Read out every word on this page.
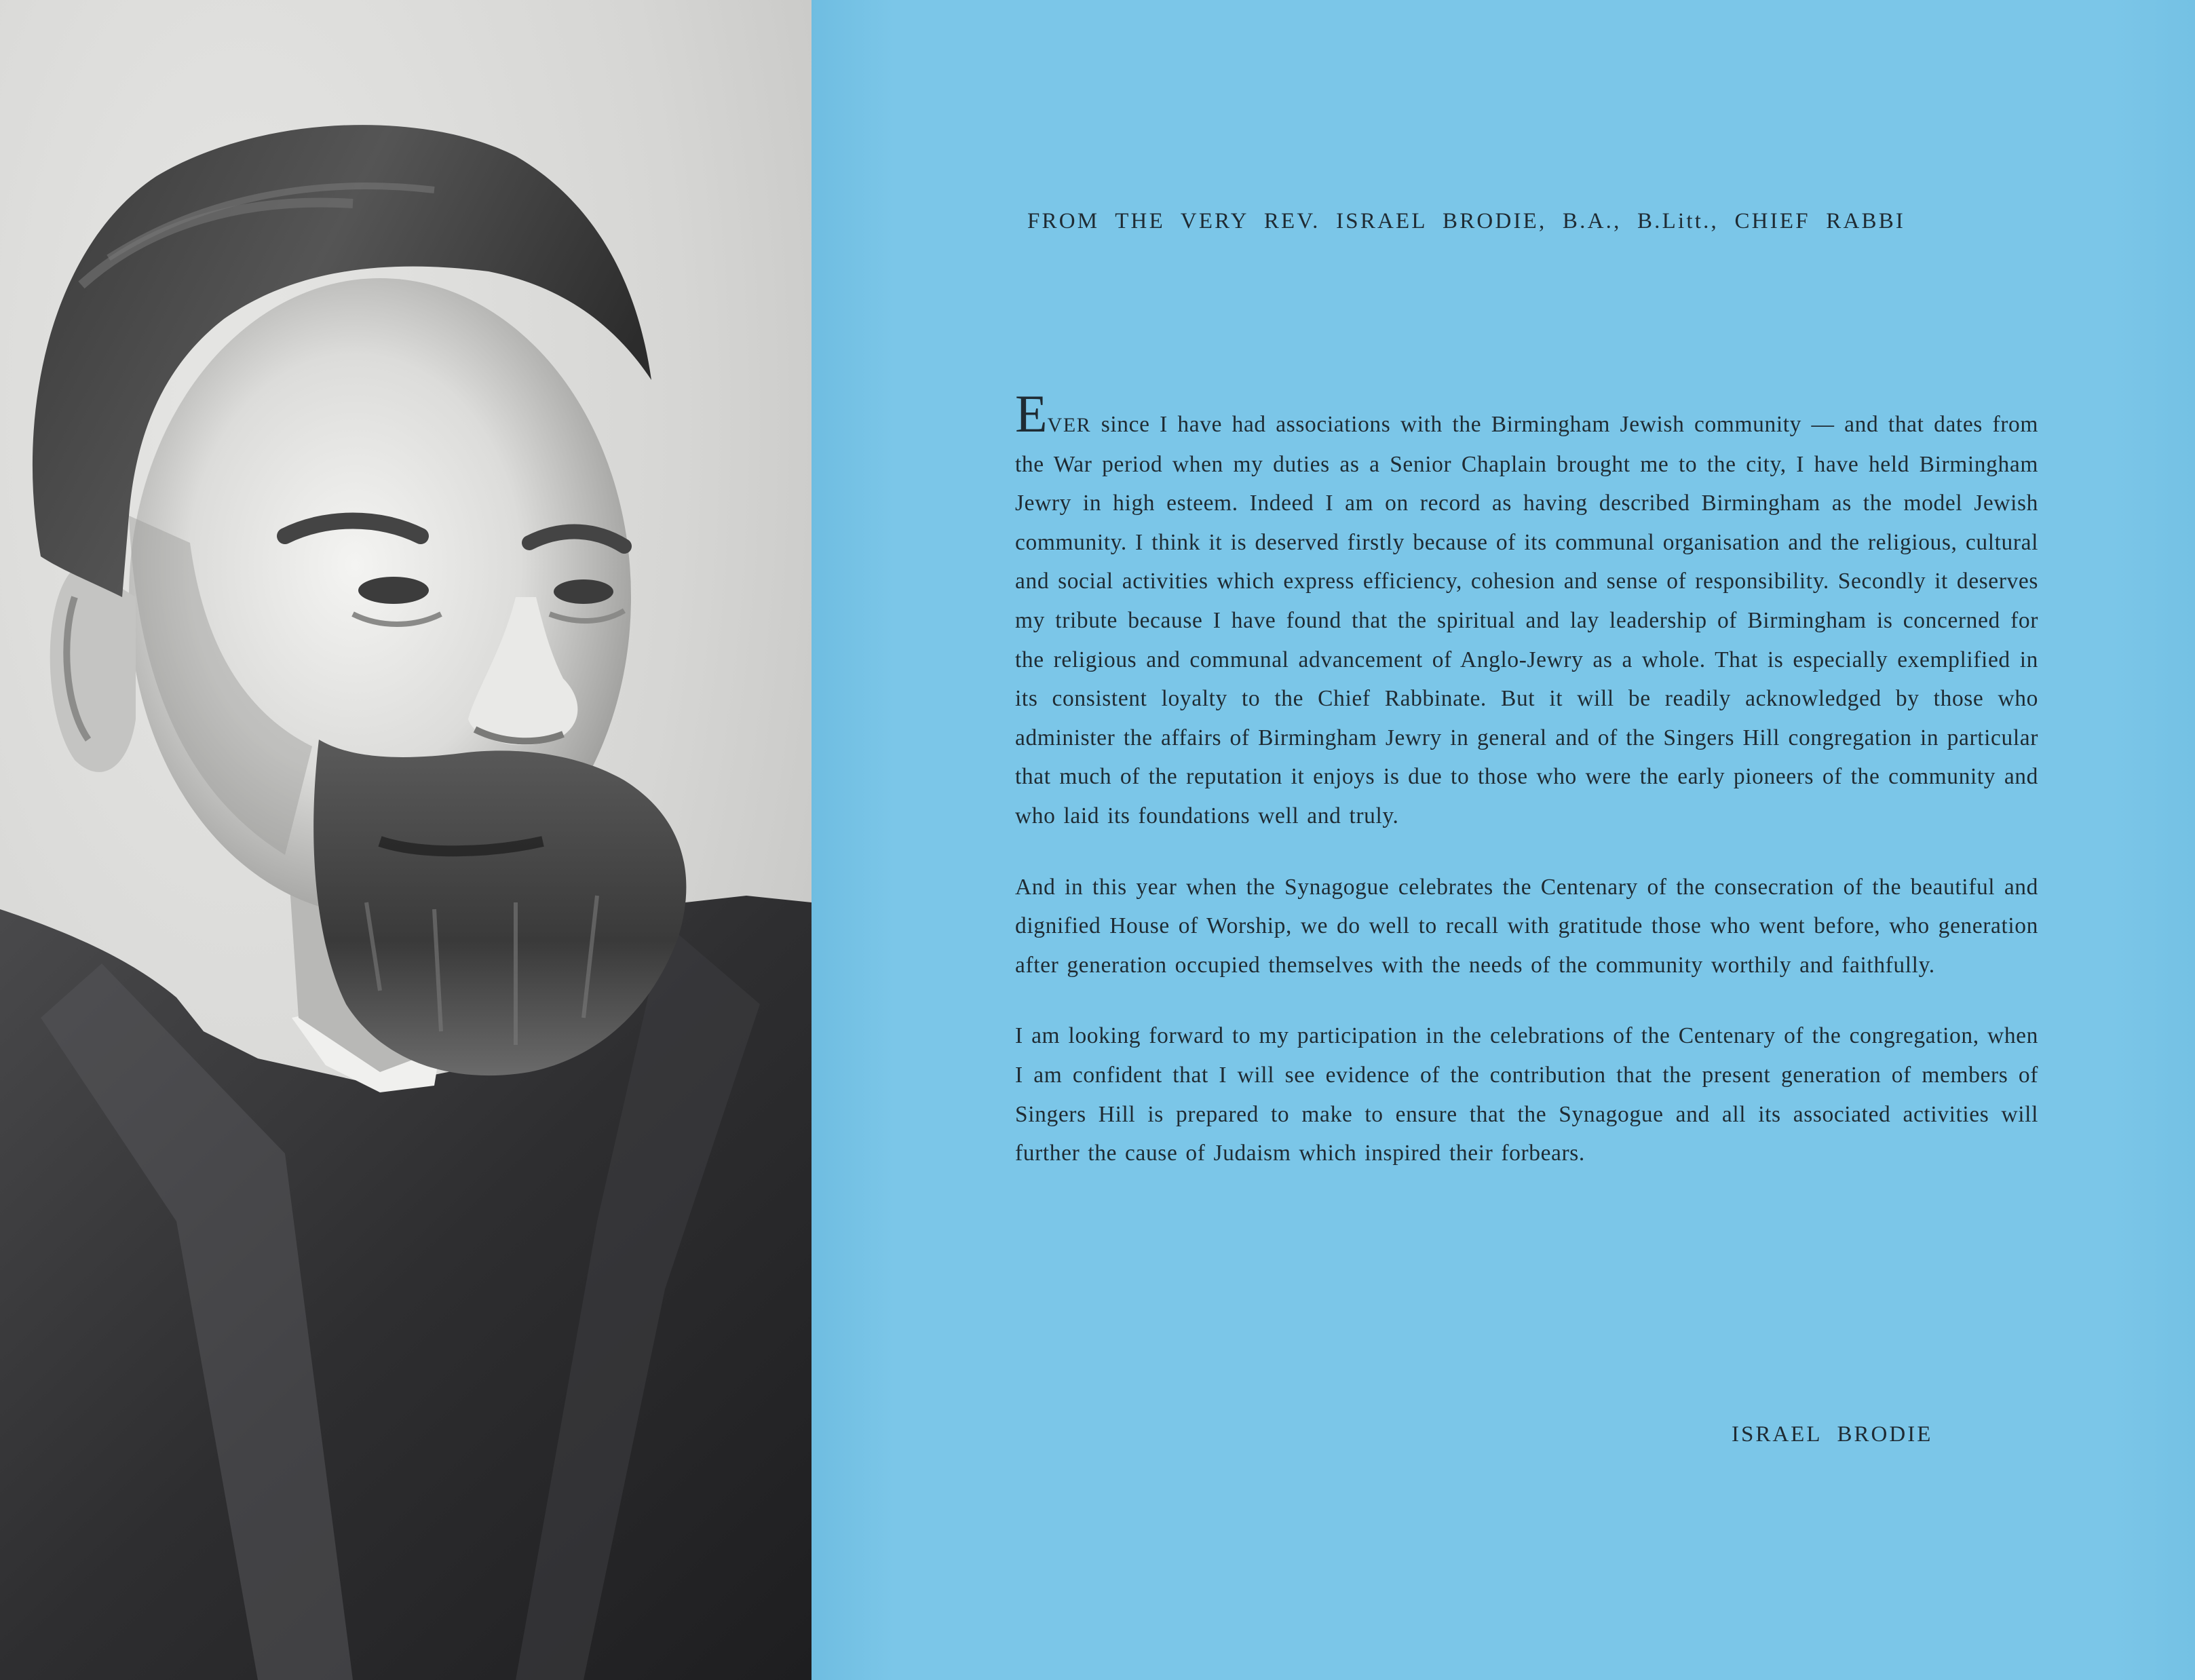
FROM THE VERY REV. ISRAEL BRODIE, B.A., B.Litt., CHIEF RABBI

EVER since I have had associations with the Birmingham Jewish community — and that dates from the War period when my duties as a Senior Chaplain brought me to the city, I have held Birmingham Jewry in high esteem. Indeed I am on record as having described Birmingham as the model Jewish community. I think it is deserved firstly because of its communal organisation and the religious, cultural and social activities which express efficiency, cohesion and sense of responsibility. Secondly it deserves my tribute because I have found that the spiritual and lay leadership of Birmingham is concerned for the religious and communal advancement of Anglo-Jewry as a whole. That is especially exemplified in its consistent loyalty to the Chief Rabbinate. But it will be readily acknowledged by those who administer the affairs of Birmingham Jewry in general and of the Singers Hill congregation in particular that much of the reputation it enjoys is due to those who were the early pioneers of the community and who laid its foundations well and truly.

And in this year when the Synagogue celebrates the Centenary of the consecration of the beautiful and dignified House of Worship, we do well to recall with gratitude those who went before, who generation after generation occupied themselves with the needs of the community worthily and faithfully.

I am looking forward to my participation in the celebrations of the Centenary of the congregation, when I am confident that I will see evidence of the contribution that the present generation of members of Singers Hill is prepared to make to ensure that the Synagogue and all its associated activities will further the cause of Judaism which inspired their forbears.

ISRAEL BRODIE
